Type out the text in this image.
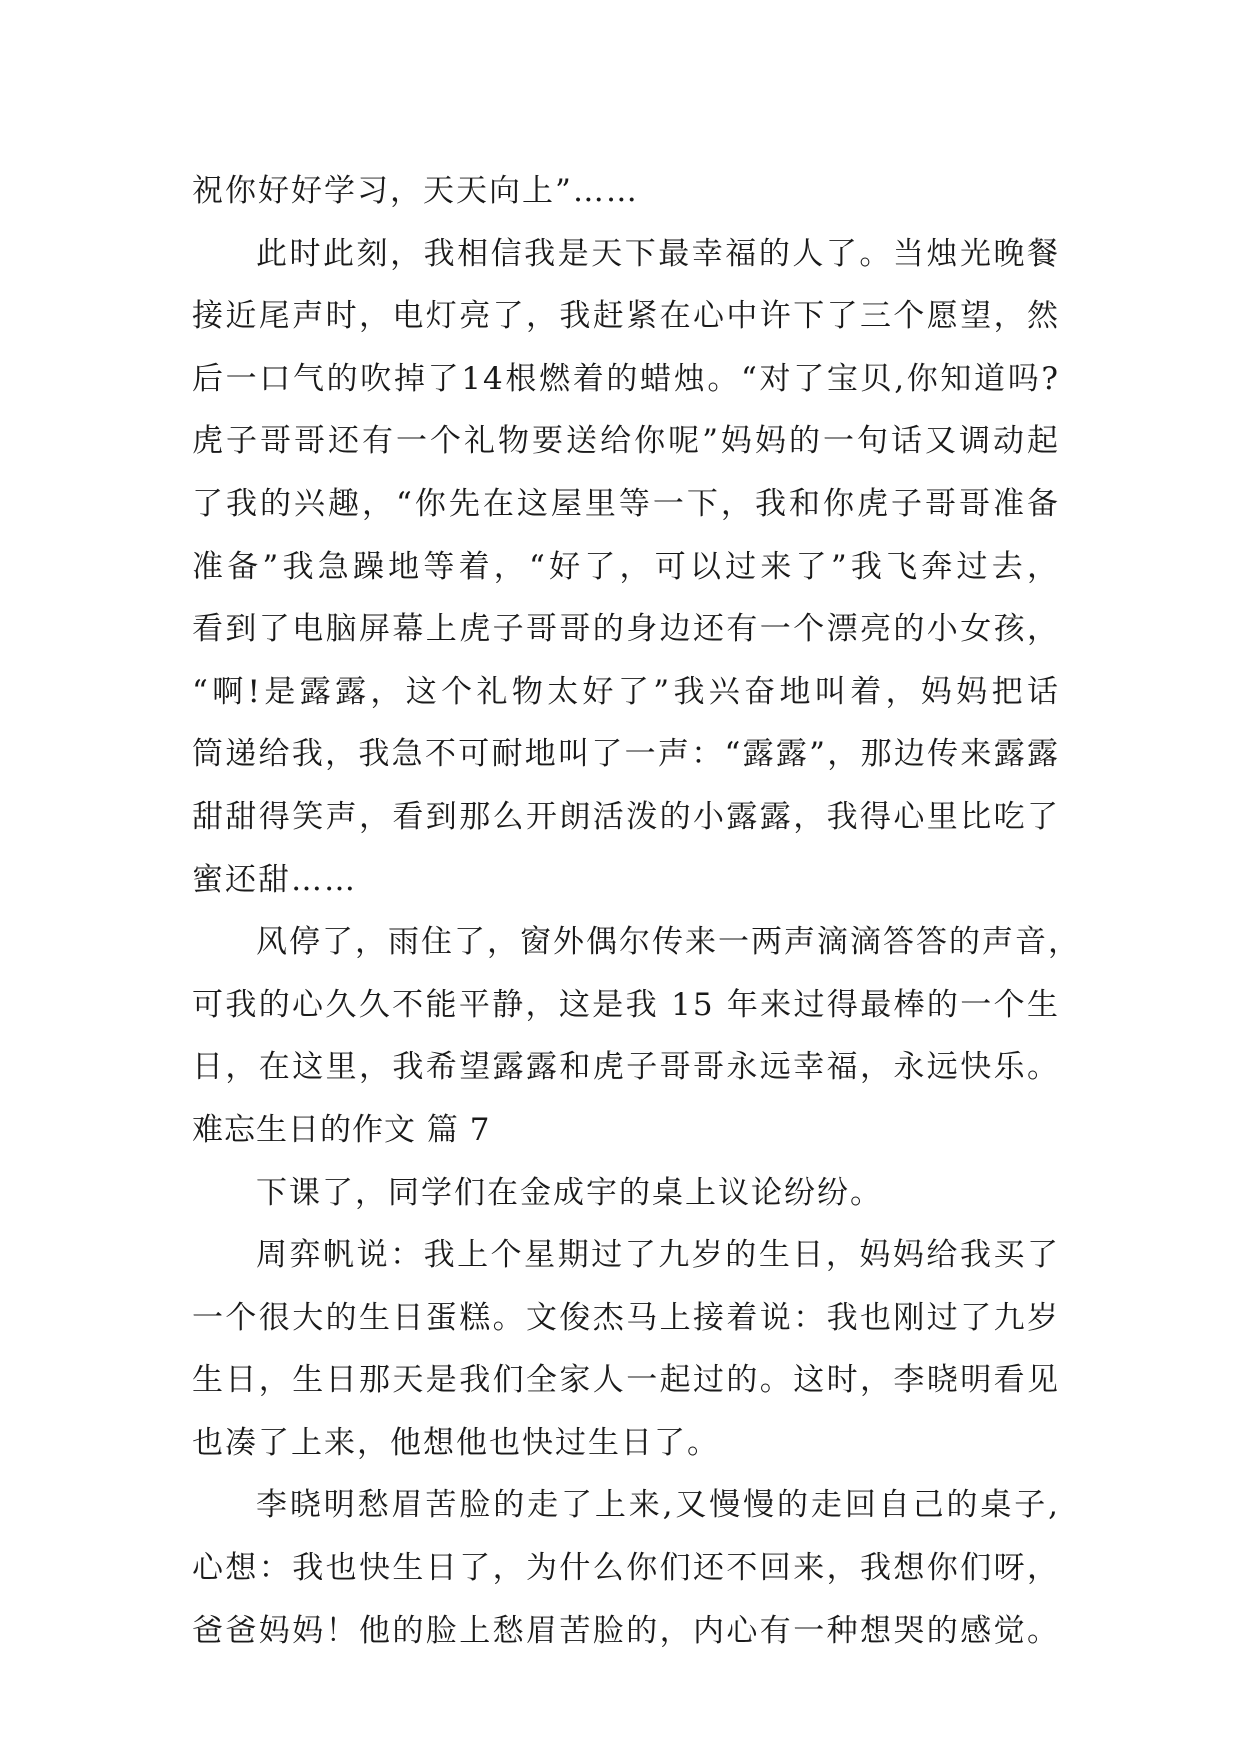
祝你好好学习，天天向上”……
此时此刻，我相信我是天下最幸福的人了。当烛光晚餐
接近尾声时，电灯亮了，我赶紧在心中许下了三个愿望，然
后一口气的吹掉了14根燃着的蜡烛。“对了宝贝,你知道吗?
虎子哥哥还有一个礼物要送给你呢”妈妈的一句话又调动起
了我的兴趣，“你先在这屋里等一下，我和你虎子哥哥准备
准备”我急躁地等着，“好了，可以过来了”我飞奔过去，
看到了电脑屏幕上虎子哥哥的身边还有一个漂亮的小女孩，
“啊!是露露，这个礼物太好了”我兴奋地叫着，妈妈把话
筒递给我，我急不可耐地叫了一声：“露露”，那边传来露露
甜甜得笑声，看到那么开朗活泼的小露露，我得心里比吃了
蜜还甜……
风停了，雨住了，窗外偶尔传来一两声滴滴答答的声音，
可我的心久久不能平静，这是我 15 年来过得最棒的一个生
日，在这里，我希望露露和虎子哥哥永远幸福，永远快乐。
难忘生日的作文 篇 7
下课了，同学们在金成宇的桌上议论纷纷。
周弈帆说：我上个星期过了九岁的生日，妈妈给我买了
一个很大的生日蛋糕。文俊杰马上接着说：我也刚过了九岁
生日，生日那天是我们全家人一起过的。这时，李晓明看见
也凑了上来，他想他也快过生日了。
李晓明愁眉苦脸的走了上来,又慢慢的走回自己的桌子,
心想：我也快生日了，为什么你们还不回来，我想你们呀，
爸爸妈妈！他的脸上愁眉苦脸的，内心有一种想哭的感觉。
